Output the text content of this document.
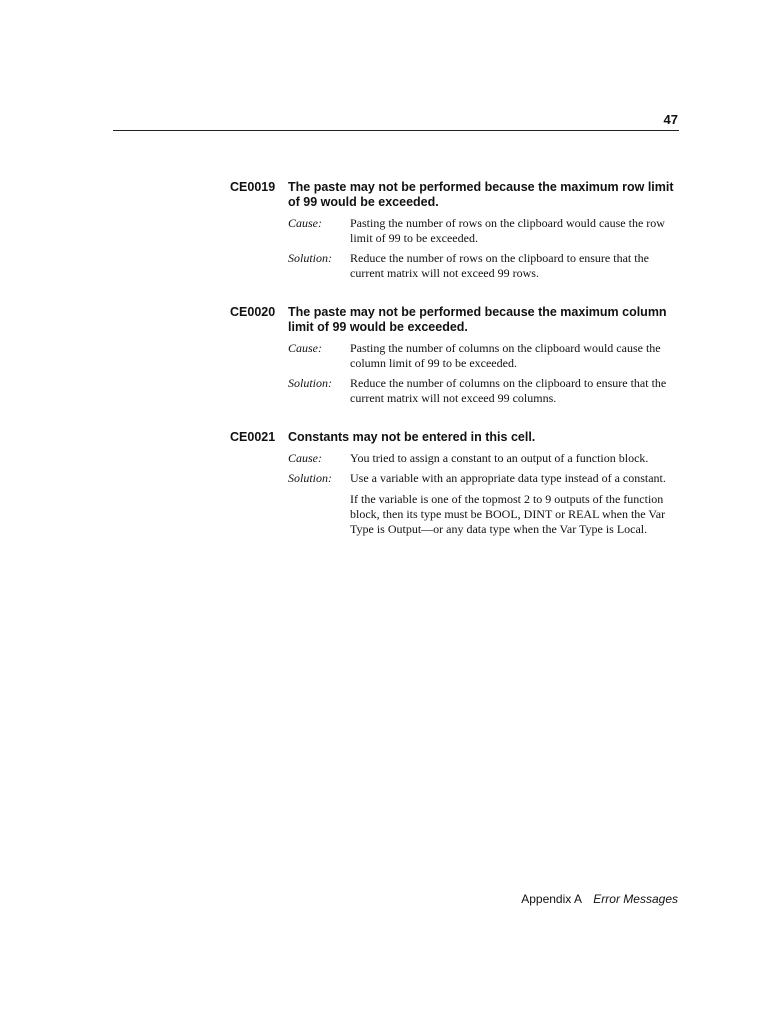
47
CE0019	The paste may not be performed because the maximum row limit of 99 would be exceeded.
Cause:	Pasting the number of rows on the clipboard would cause the row limit of 99 to be exceeded.
Solution:	Reduce the number of rows on the clipboard to ensure that the current matrix will not exceed 99 rows.
CE0020	The paste may not be performed because the maximum column limit of 99 would be exceeded.
Cause:	Pasting the number of columns on the clipboard would cause the column limit of 99 to be exceeded.
Solution:	Reduce the number of columns on the clipboard to ensure that the current matrix will not exceed 99 columns.
CE0021	Constants may not be entered in this cell.
Cause:	You tried to assign a constant to an output of a function block.
Solution:	Use a variable with an appropriate data type instead of a constant.
If the variable is one of the topmost 2 to 9 outputs of the function block, then its type must be BOOL, DINT or REAL when the Var Type is Output—or any data type when the Var Type is Local.
Appendix A Error Messages
